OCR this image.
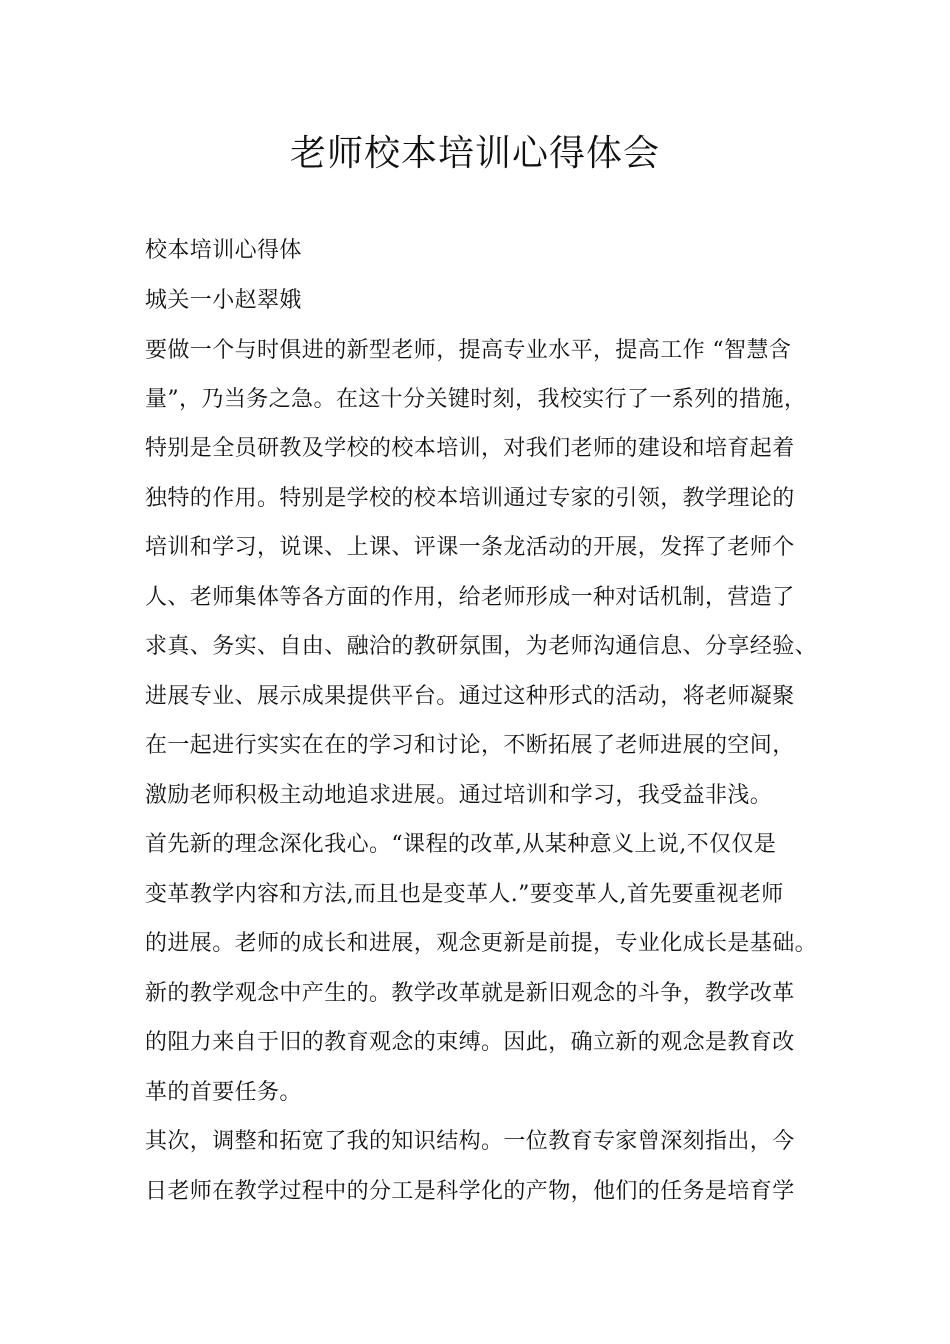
老师校本培训心得体会
校本培训心得体
城关一小赵翠娥
要做一个与时俱进的新型老师，提高专业水平，提高工作 “智慧含
量”，乃当务之急。在这十分关键时刻，我校实行了一系列的措施，
特别是全员研教及学校的校本培训，对我们老师的建设和培育起着
独特的作用。特别是学校的校本培训通过专家的引领，教学理论的
培训和学习，说课、上课、评课一条龙活动的开展，发挥了老师个
人、老师集体等各方面的作用，给老师形成一种对话机制，营造了
求真、务实、自由、融洽的教研氛围，为老师沟通信息、分享经验、
进展专业、展示成果提供平台。通过这种形式的活动，将老师凝聚
在一起进行实实在在的学习和讨论，不断拓展了老师进展的空间，
激励老师积极主动地追求进展。通过培训和学习，我受益非浅。
首先新的理念深化我心。“课程的改革,从某种意义上说,不仅仅是
变革教学内容和方法,而且也是变革人.”要变革人,首先要重视老师
的进展。老师的成长和进展，观念更新是前提，专业化成长是基础。
新的教学观念中产生的。教学改革就是新旧观念的斗争，教学改革
的阻力来自于旧的教育观念的束缚。因此，确立新的观念是教育改
革的首要任务。
其次，调整和拓宽了我的知识结构。一位教育专家曾深刻指出，今
日老师在教学过程中的分工是科学化的产物，他们的任务是培育学
